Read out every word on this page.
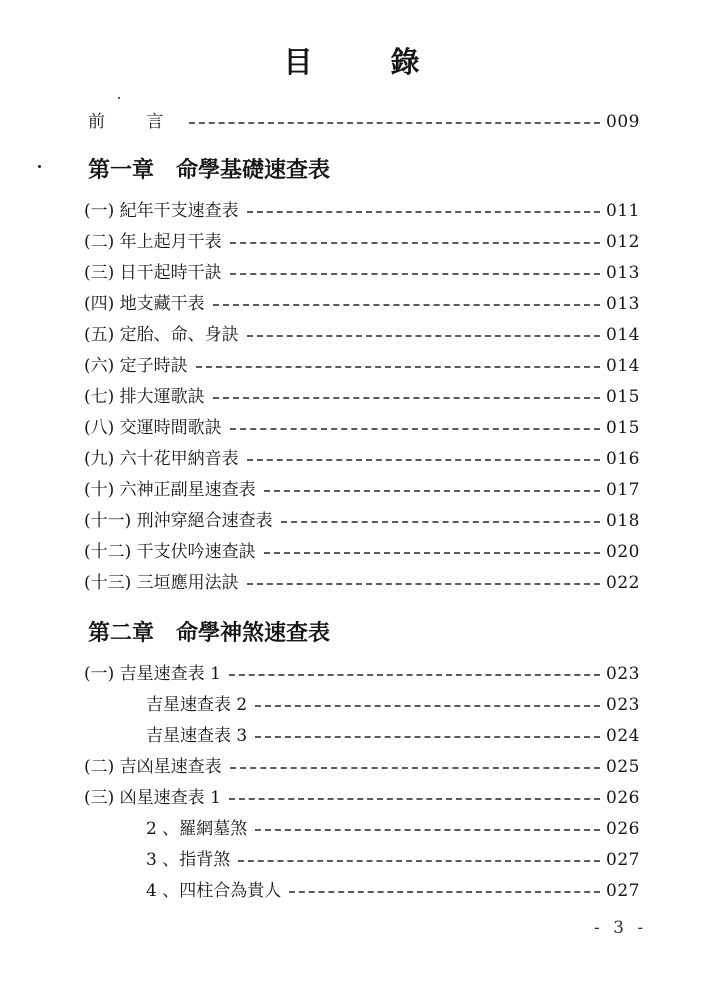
目 錄
前 言	009
第一章 命學基礎速查表
(一) 紀年干支速查表	011
(二) 年上起月干表	012
(三) 日干起時干訣	013
(四) 地支藏干表	013
(五) 定胎、命、身訣	014
(六) 定子時訣	014
(七) 排大運歌訣	015
(八) 交運時間歌訣	015
(九) 六十花甲納音表	016
(十) 六神正副星速查表	017
(十一) 刑沖穿絕合速查表	018
(十二) 干支伏吟速查訣	020
(十三) 三垣應用法訣	022
第二章 命學神煞速查表
(一) 吉星速查表 1	023
吉星速查表 2	023
吉星速查表 3	024
(二) 吉凶星速查表	025
(三) 凶星速查表 1	026
2 、羅網墓煞	026
3 、指背煞	027
4 、四柱合為貴人	027
- 3 -
